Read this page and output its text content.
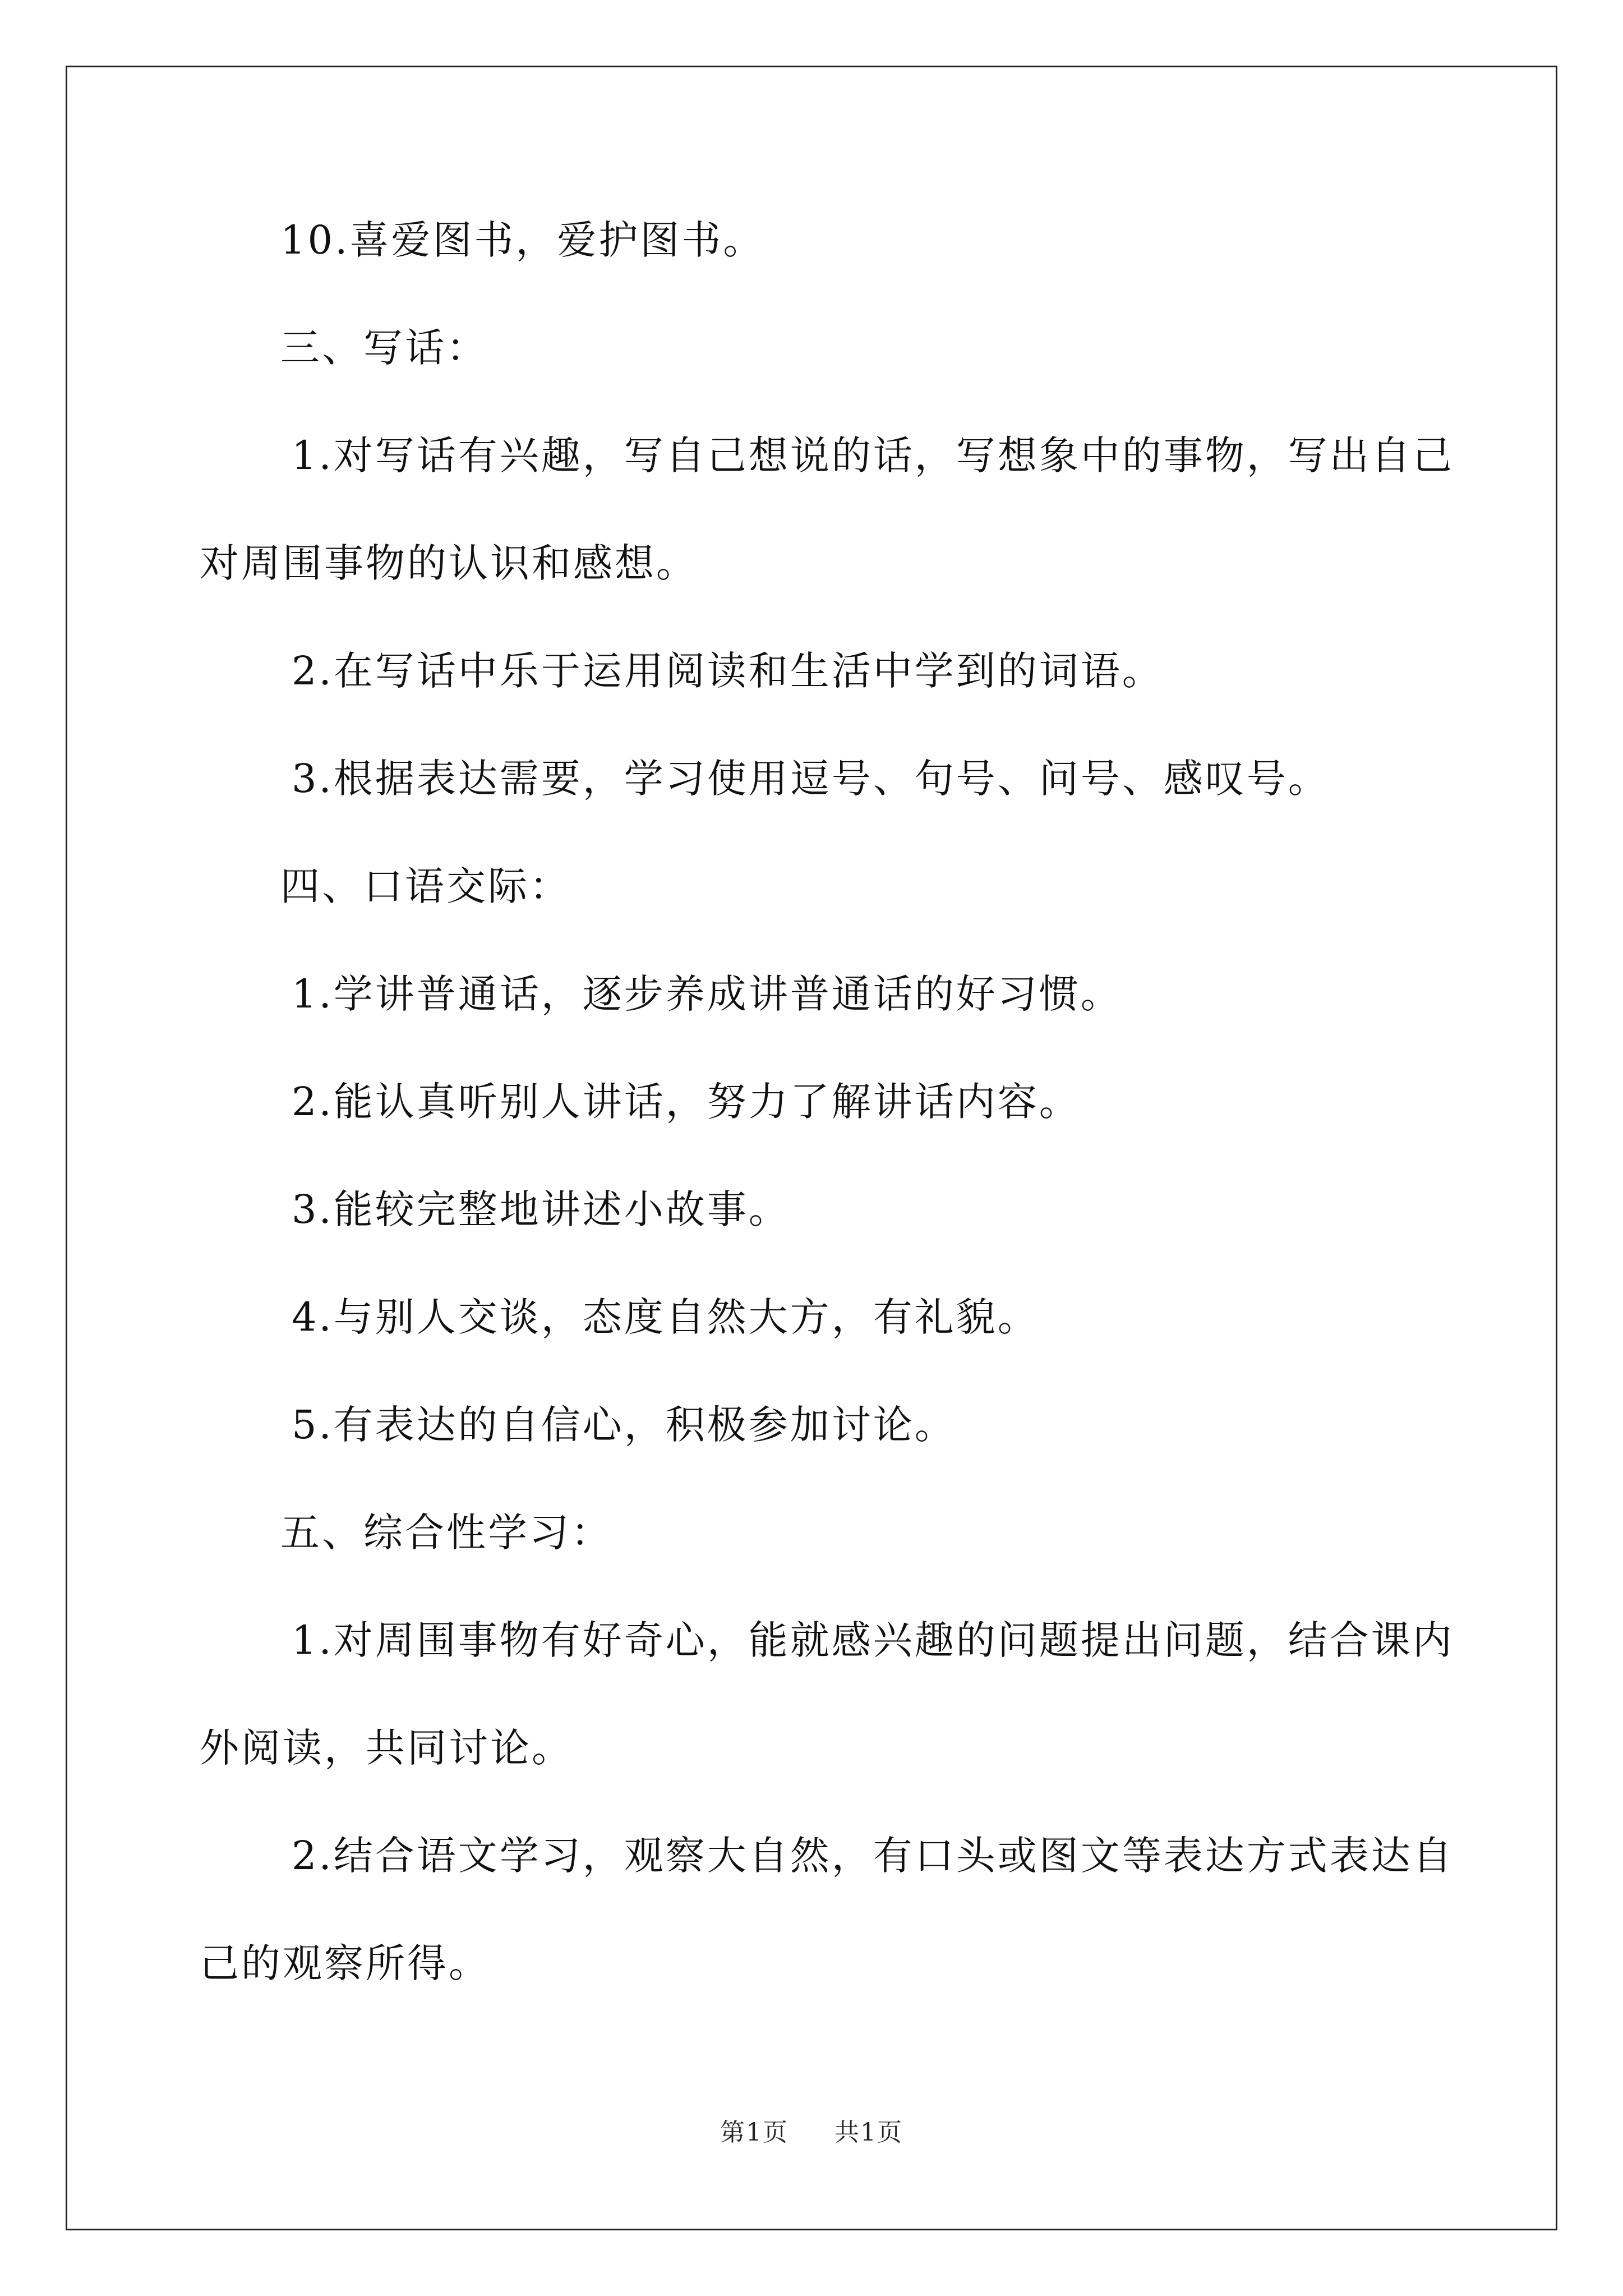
10.喜爱图书，爱护图书。
三、写话：
1.对写话有兴趣，写自己想说的话，写想象中的事物，写出自己
对周围事物的认识和感想。
2.在写话中乐于运用阅读和生活中学到的词语。
3.根据表达需要，学习使用逗号、句号、问号、感叹号。
四、口语交际：
1.学讲普通话，逐步养成讲普通话的好习惯。
2.能认真听别人讲话，努力了解讲话内容。
3.能较完整地讲述小故事。
4.与别人交谈，态度自然大方，有礼貌。
5.有表达的自信心，积极参加讨论。
五、综合性学习：
1.对周围事物有好奇心，能就感兴趣的问题提出问题，结合课内
外阅读，共同讨论。
2.结合语文学习，观察大自然，有口头或图文等表达方式表达自
己的观察所得。
第1页 共1页
